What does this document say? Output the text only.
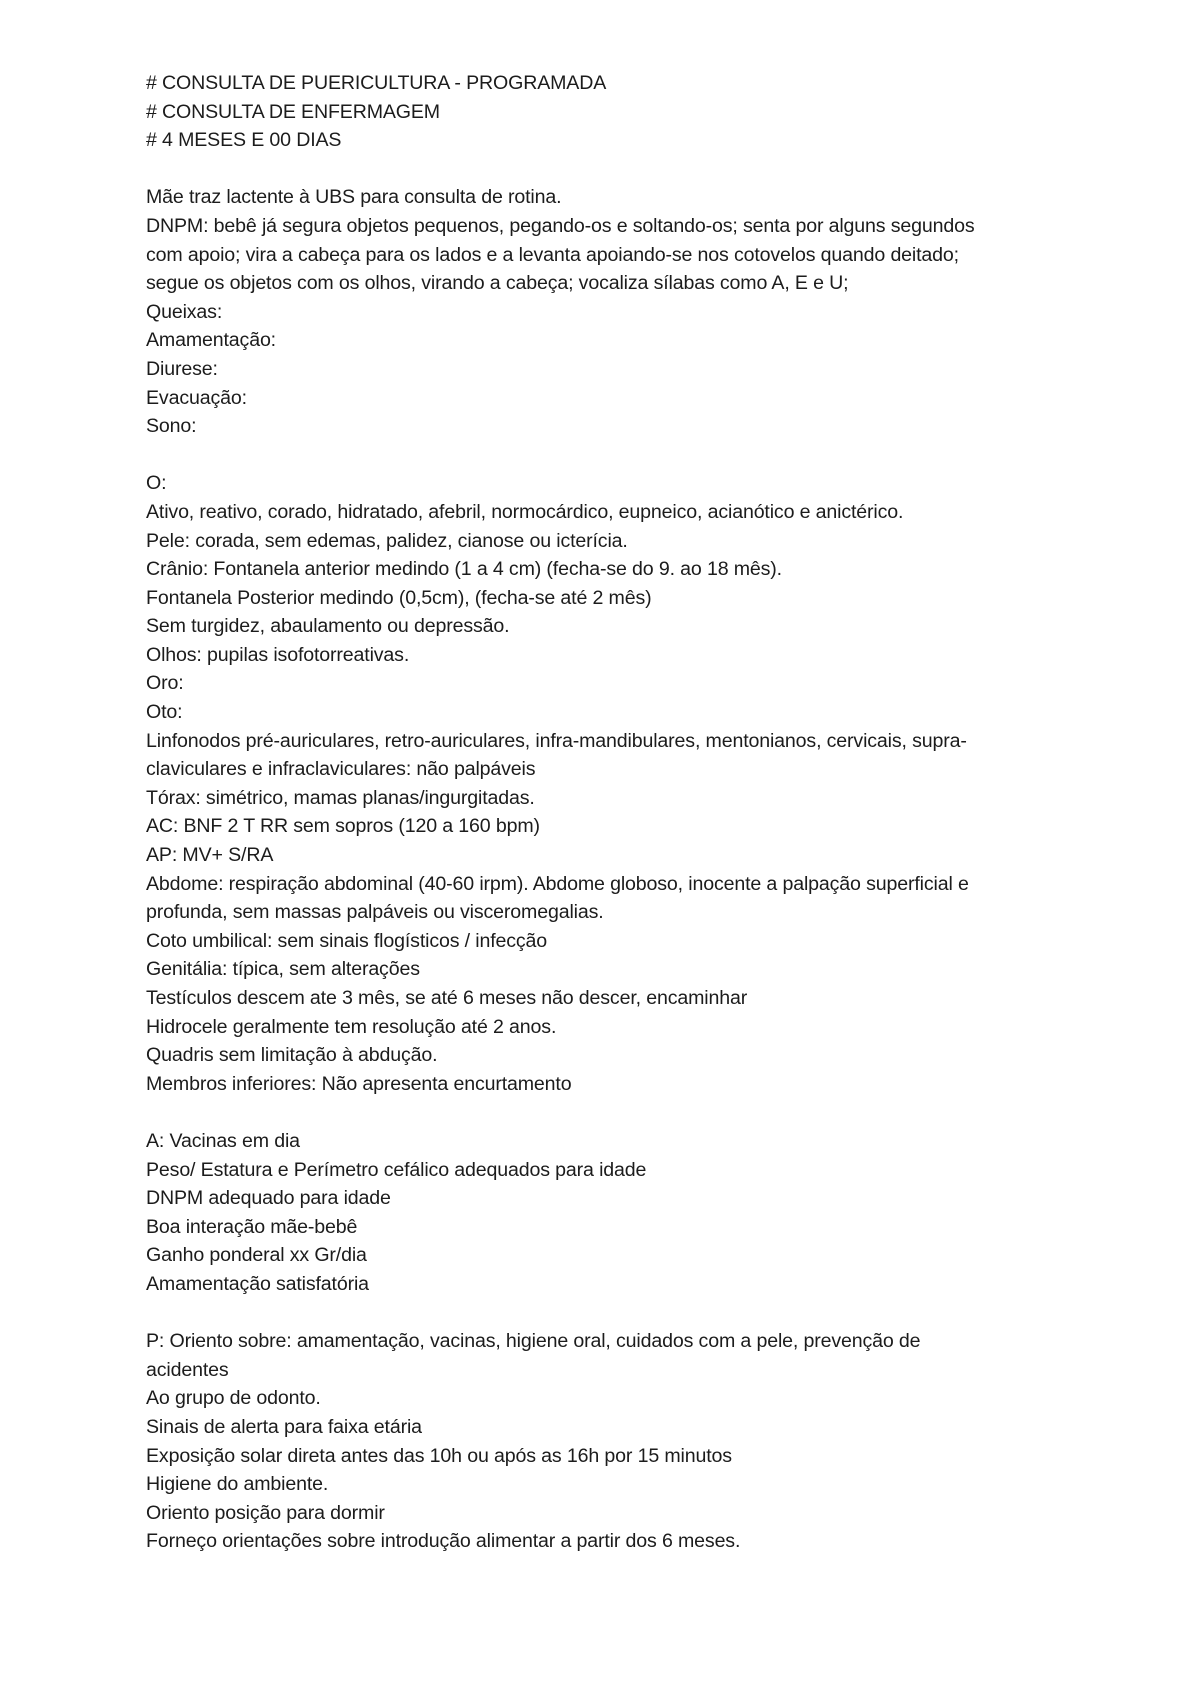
# CONSULTA DE PUERICULTURA - PROGRAMADA

# CONSULTA DE ENFERMAGEM

# 4 MESES E 00 DIAS

Mãe traz lactente à UBS para consulta de rotina.

DNPM: bebê já segura objetos pequenos, pegando-os e soltando-os; senta por alguns segundos

com apoio; vira a cabeça para os lados e a levanta apoiando-se nos cotovelos quando deitado;

segue os objetos com os olhos, virando a cabeça; vocaliza sílabas como A, E e U;

Queixas:

Amamentação:

Diurese:

Evacuação:

Sono:

O:

Ativo, reativo, corado, hidratado, afebril, normocárdico, eupneico, acianótico e anictérico.

Pele: corada, sem edemas, palidez, cianose ou icterícia.

Crânio: Fontanela anterior medindo (1 a 4 cm) (fecha-se do 9. ao 18 mês).

Fontanela Posterior medindo (0,5cm), (fecha-se até 2 mês)

Sem turgidez, abaulamento ou depressão.

Olhos: pupilas isofotorreativas.

Oro:

Oto:

Linfonodos pré-auriculares, retro-auriculares, infra-mandibulares, mentonianos, cervicais, supra-

claviculares e infraclaviculares: não palpáveis

Tórax: simétrico, mamas planas/ingurgitadas.

AC: BNF 2 T RR sem sopros (120 a 160 bpm)

AP: MV+ S/RA

Abdome: respiração abdominal (40-60 irpm). Abdome globoso, inocente a palpação superficial e

profunda, sem massas palpáveis ou visceromegalias.

Coto umbilical: sem sinais flogísticos / infecção

Genitália: típica, sem alterações

Testículos descem ate 3 mês, se até 6 meses não descer, encaminhar

Hidrocele geralmente tem resolução até 2 anos.

Quadris sem limitação à abdução.

Membros inferiores: Não apresenta encurtamento

A: Vacinas em dia

Peso/ Estatura e Perímetro cefálico adequados para idade

DNPM adequado para idade

Boa interação mãe-bebê

Ganho ponderal xx Gr/dia

Amamentação satisfatória

P: Oriento sobre: amamentação, vacinas, higiene oral, cuidados com a pele, prevenção de

acidentes

Ao grupo de odonto.

Sinais de alerta para faixa etária

Exposição solar direta antes das 10h ou após as 16h por 15 minutos

Higiene do ambiente.

Oriento posição para dormir

Forneço orientações sobre introdução alimentar a partir dos 6 meses.
